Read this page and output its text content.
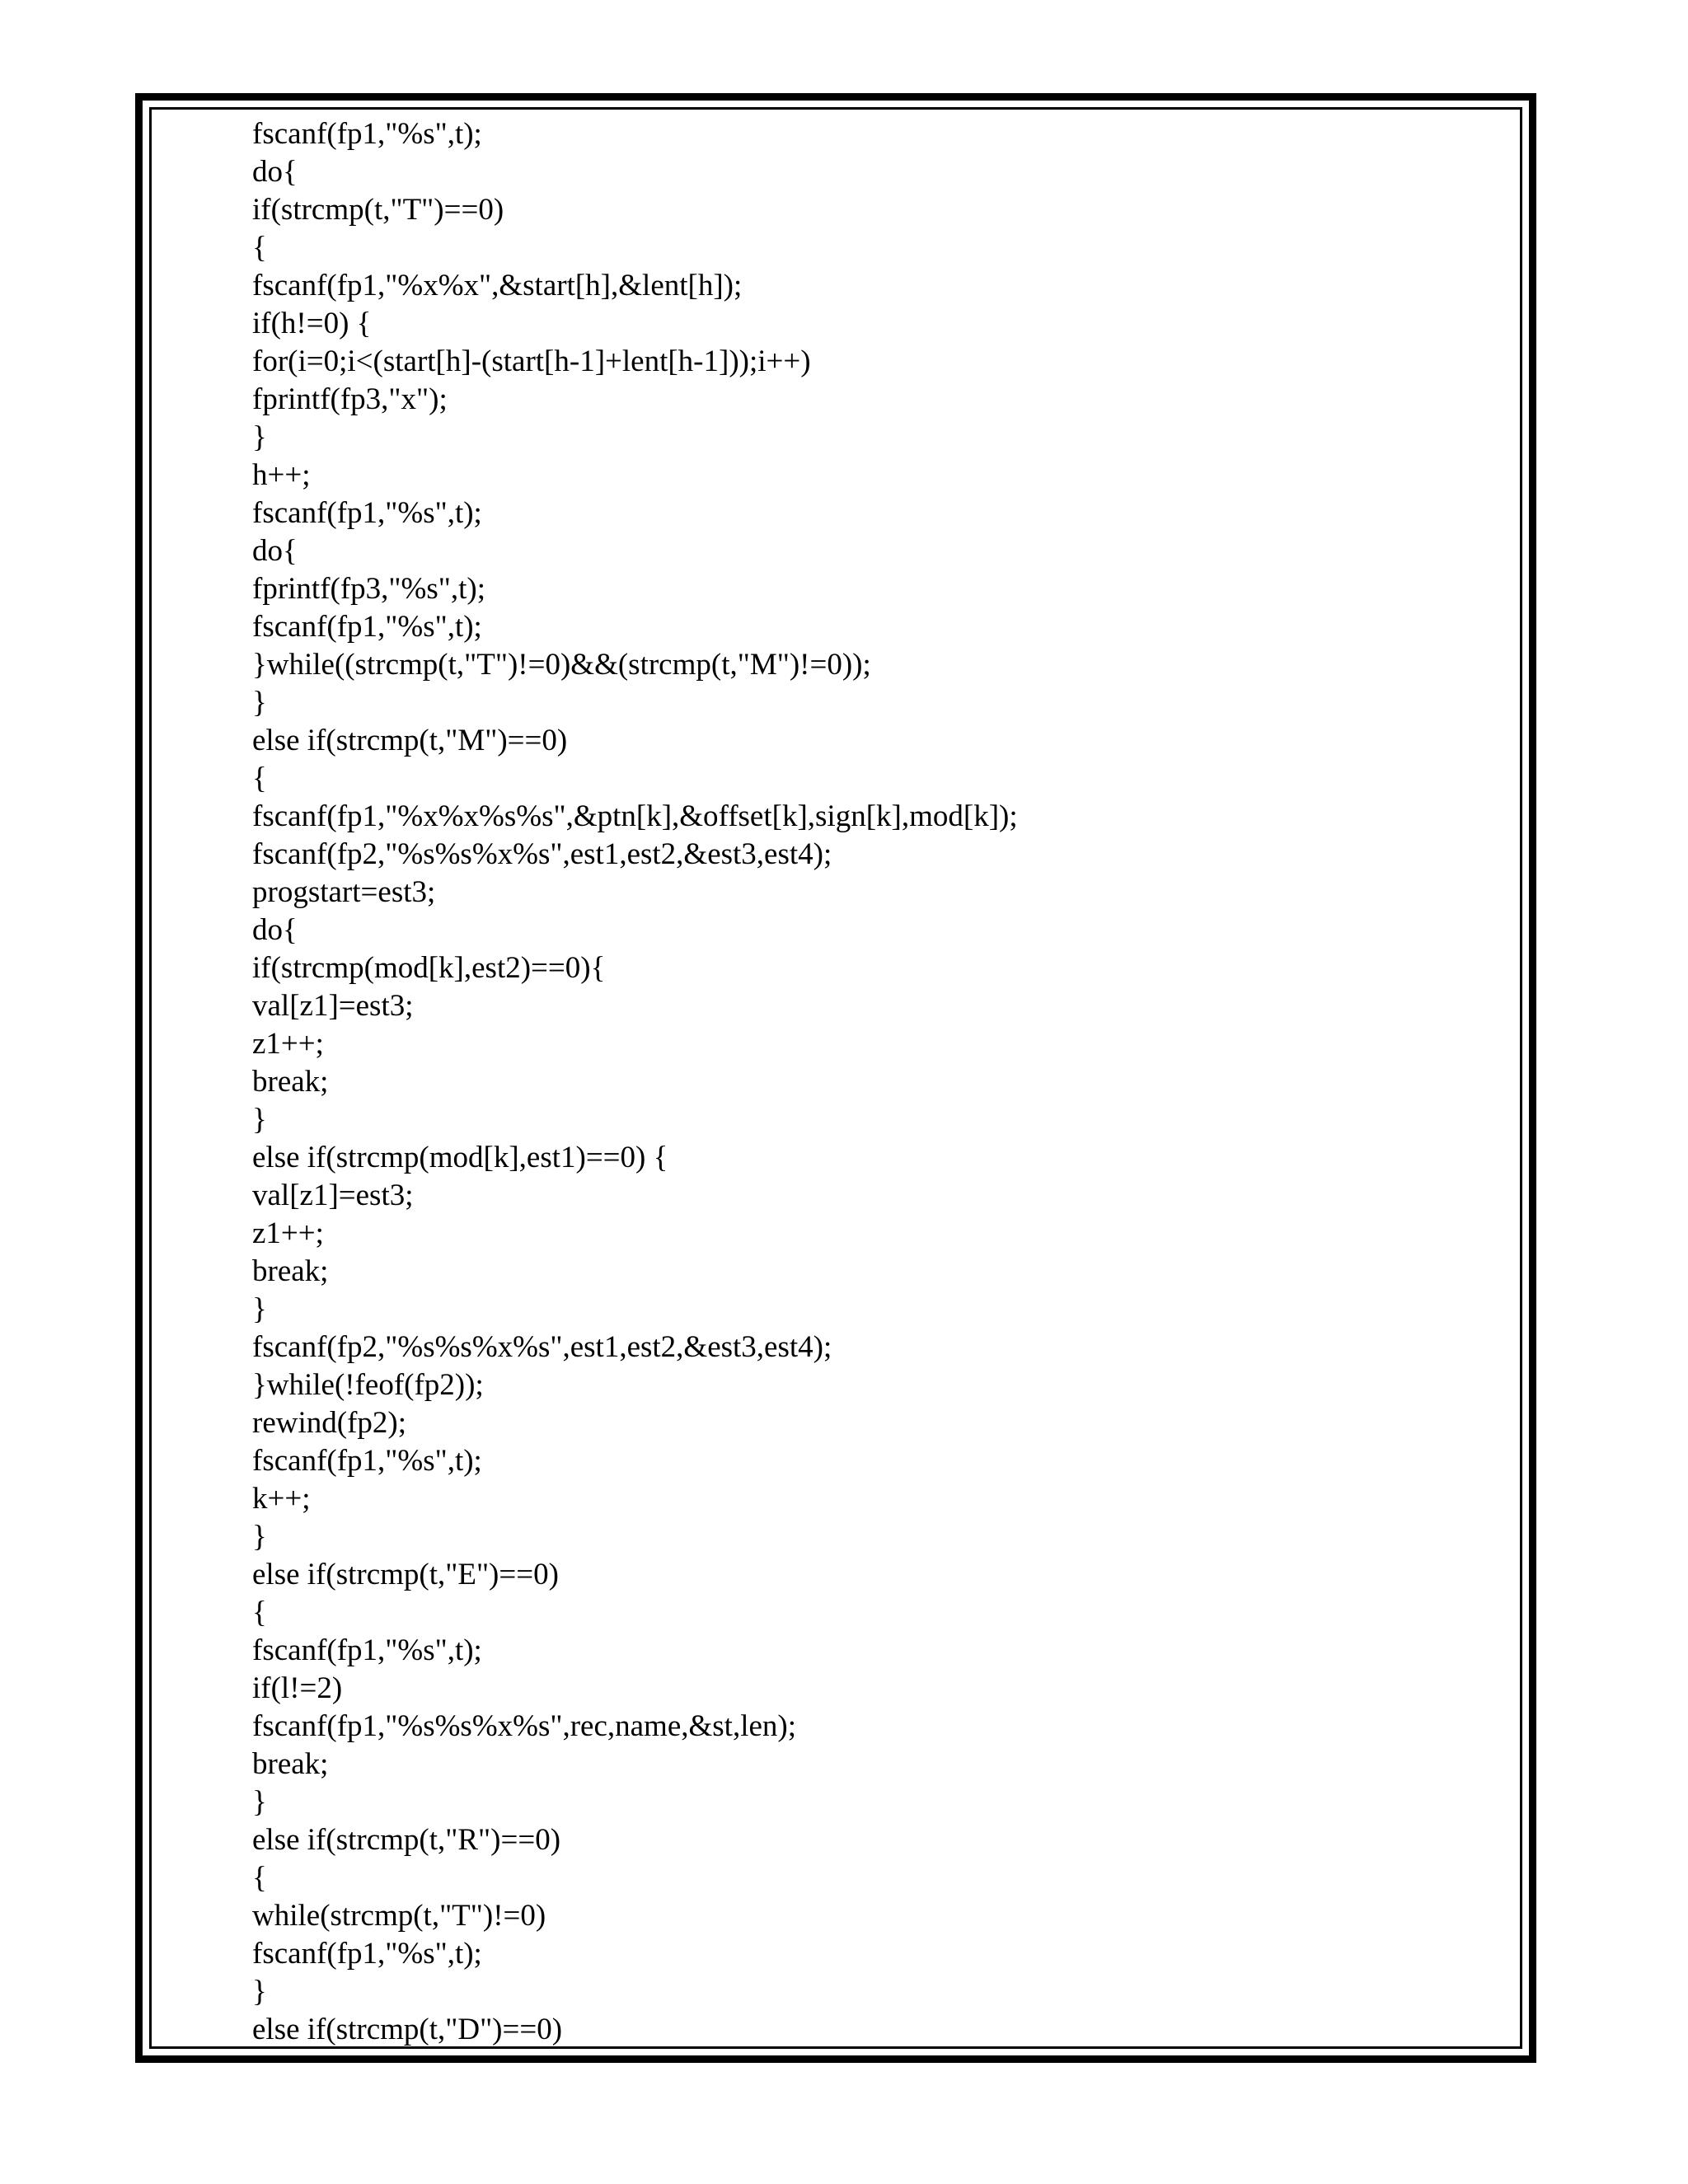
fscanf(fp1,"%s",t);
do{
if(strcmp(t,"T")==0)
{
fscanf(fp1,"%x%x",&start[h],&lent[h]);
if(h!=0) {
for(i=0;i<(start[h]-(start[h-1]+lent[h-1]));i++)
fprintf(fp3,"x");
}
h++;
fscanf(fp1,"%s",t);
do{
fprintf(fp3,"%s",t);
fscanf(fp1,"%s",t);
}while((strcmp(t,"T")!=0)&&(strcmp(t,"M")!=0));
}
else if(strcmp(t,"M")==0)
{
fscanf(fp1,"%x%x%s%s",&ptn[k],&offset[k],sign[k],mod[k]);
fscanf(fp2,"%s%s%x%s",est1,est2,&est3,est4);
progstart=est3;
do{
if(strcmp(mod[k],est2)==0){
val[z1]=est3;
z1++;
break;
}
else if(strcmp(mod[k],est1)==0) {
val[z1]=est3;
z1++;
break;
}
fscanf(fp2,"%s%s%x%s",est1,est2,&est3,est4);
}while(!feof(fp2));
rewind(fp2);
fscanf(fp1,"%s",t);
k++;
}
else if(strcmp(t,"E")==0)
{
fscanf(fp1,"%s",t);
if(l!=2)
fscanf(fp1,"%s%s%x%s",rec,name,&st,len);
break;
}
else if(strcmp(t,"R")==0)
{
while(strcmp(t,"T")!=0)
fscanf(fp1,"%s",t);
}
else if(strcmp(t,"D")==0)
